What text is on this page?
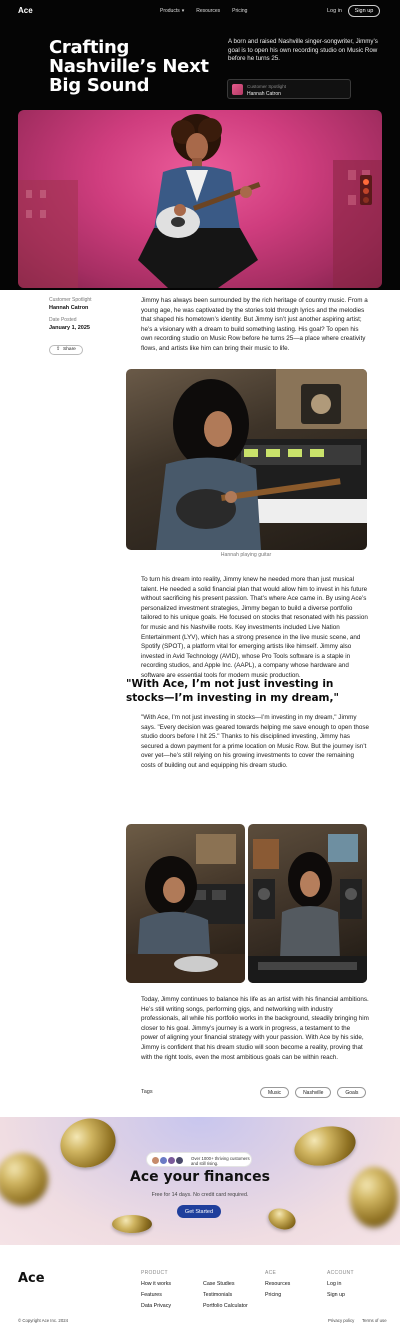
Ace	Products ▾ Resources Pricing	Log in	Sign up
Crafting Nashville’s Next Big Sound

A born and raised Nashville singer-songwriter, Jimmy’s goal is to open his own recording studio on Music Row before he turns 25.

Customer Spotlight
Hannah Catron
Customer Spotlight
Hannah Catron
Date Posted
January 1, 2025
⇪ Share

Jimmy has always been surrounded by the rich heritage of country music. From a young age, he was captivated by the stories told through lyrics and the melodies that shaped his hometown’s identity. But Jimmy isn’t just another aspiring artist; he’s a visionary with a dream to build something lasting. His goal? To open his own recording studio on Music Row before he turns 25—a place where creativity flows, and artists like him can bring their music to life.

Hannah playing guitar

To turn his dream into reality, Jimmy knew he needed more than just musical talent. He needed a solid financial plan that would allow him to invest in his future without sacrificing his present passion. That’s where Ace came in. By using Ace’s personalized investment strategies, Jimmy began to build a diverse portfolio tailored to his unique goals. He focused on stocks that resonated with his passion for music and his Nashville roots. Key investments included Live Nation Entertainment (LYV), which has a strong presence in the live music scene, and Spotify (SPOT), a platform vital for emerging artists like himself. Jimmy also invested in Avid Technology (AVID), whose Pro Tools software is a staple in recording studios, and Apple Inc. (AAPL), a company whose hardware and software are essential tools for modern music production.

"With Ace, I’m not just investing in stocks—I’m investing in my dream,"

"With Ace, I’m not just investing in stocks—I’m investing in my dream," Jimmy says. "Every decision was geared towards helping me save enough to open those studio doors before I hit 25." Thanks to his disciplined investing, Jimmy has secured a down payment for a prime location on Music Row. But the journey isn’t over yet—he’s still relying on his growing investments to cover the remaining costs of building out and equipping his dream studio.

Today, Jimmy continues to balance his life as an artist with his financial ambitions. He’s still writing songs, performing gigs, and networking with industry professionals, all while his portfolio works in the background, steadily bringing him closer to his goal. Jimmy’s journey is a work in progress, a testament to the power of aligning your financial strategy with your passion. With Ace by his side, Jimmy is confident that his dream studio will soon become a reality, proving that with the right tools, even the most ambitious goals can be within reach.

Tags	Music	Nashville	Goals
Over 1000+ thriving customers and still rising.
Ace your finances
Free for 14 days. No credit card required.
Get Started
Ace	PRODUCT
How it works
Features
Data Privacy
Case Studies
Testimonials
Portfolio Calculator
ACE
Resources
Pricing
ACCOUNT
Log in
Sign up
© Copyright Ace Inc. 2024	Privacy policy Terms of use
